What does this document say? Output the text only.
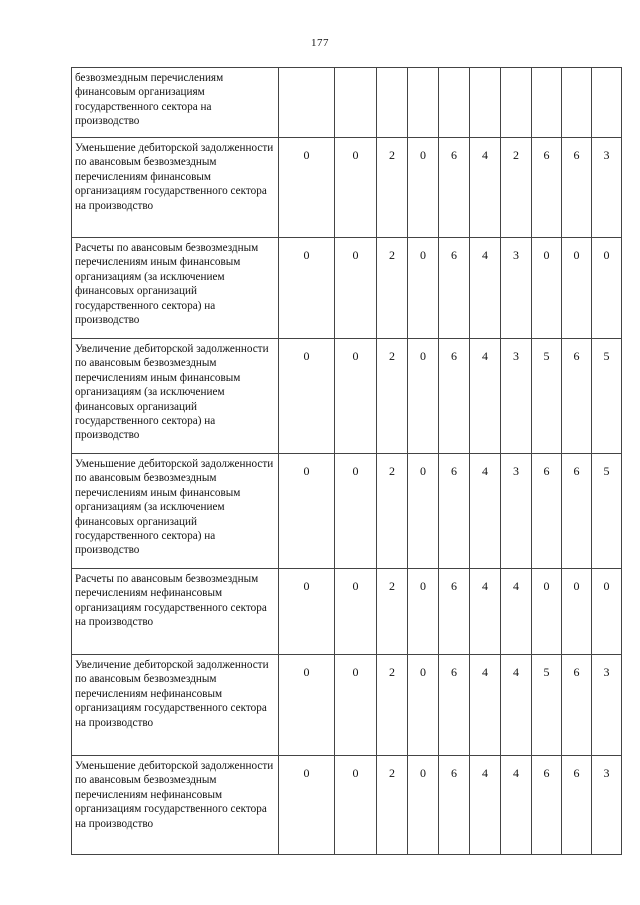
177
безвозмездным перечислениям финансовым организациям государственного сектора на производство										
Уменьшение дебиторской задолженности по авансовым безвозмездным перечислениям финансовым организациям государственного сектора на производство	0	0	2	0	6	4	2	6	6	3
Расчеты по авансовым безвозмездным перечислениям иным финансовым организациям (за исключением финансовых организаций государственного сектора) на производство	0	0	2	0	6	4	3	0	0	0
Увеличение дебиторской задолженности по авансовым безвозмездным перечислениям иным финансовым организациям (за исключением финансовых организаций государственного сектора) на производство	0	0	2	0	6	4	3	5	6	5
Уменьшение дебиторской задолженности по авансовым безвозмездным перечислениям иным финансовым организациям (за исключением финансовых организаций государственного сектора) на производство	0	0	2	0	6	4	3	6	6	5
Расчеты по авансовым безвозмездным перечислениям нефинансовым организациям государственного сектора на производство	0	0	2	0	6	4	4	0	0	0
Увеличение дебиторской задолженности по авансовым безвозмездным перечислениям нефинансовым организациям государственного сектора на производство	0	0	2	0	6	4	4	5	6	3
Уменьшение дебиторской задолженности по авансовым безвозмездным перечислениям нефинансовым организациям государственного сектора на производство	0	0	2	0	6	4	4	6	6	3
